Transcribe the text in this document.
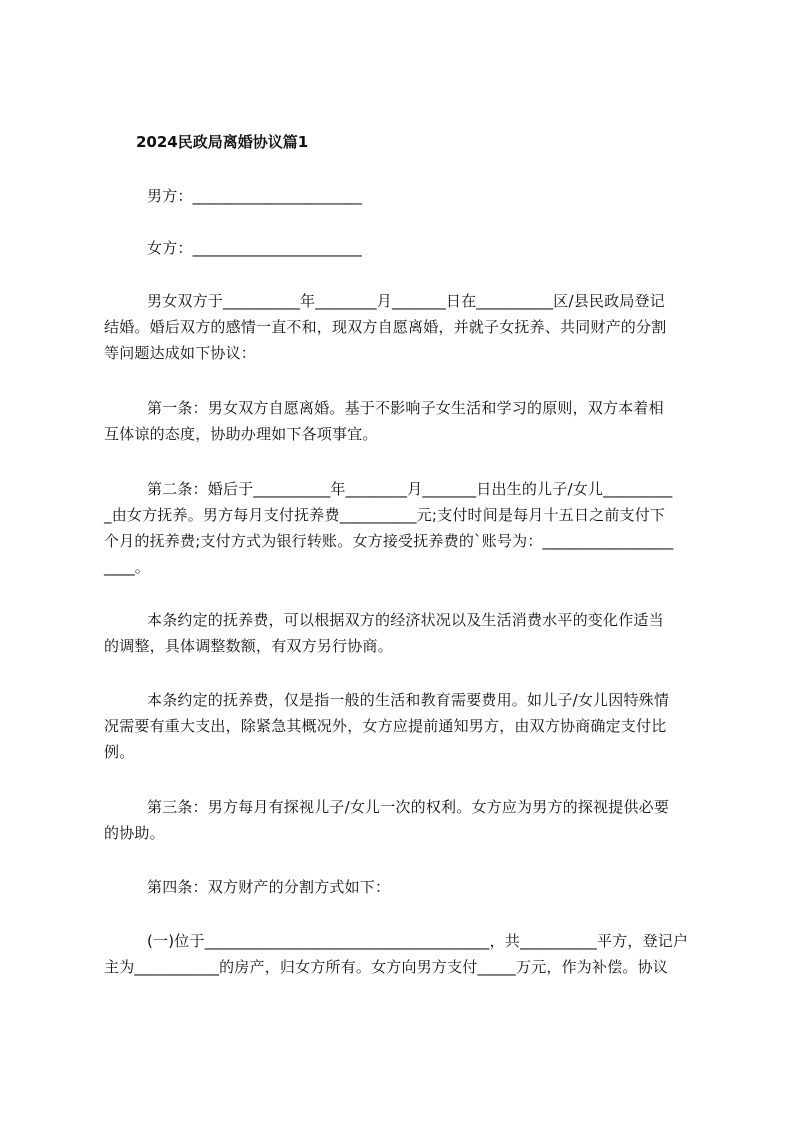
2024民政局离婚协议篇1
男方：______________________
女方：______________________
男女双方于__________年________月_______日在__________区/县民政局登记
结婚。婚后双方的感情一直不和，现双方自愿离婚，并就子女抚养、共同财产的分割
等问题达成如下协议：
第一条：男女双方自愿离婚。基于不影响子女生活和学习的原则，双方本着相
互体谅的态度，协助办理如下各项事宜。
第二条：婚后于__________年________月_______日出生的儿子/女儿_________
_由女方抚养。男方每月支付抚养费__________元;支付时间是每月十五日之前支付下
个月的抚养费;支付方式为银行转账。女方接受抚养费的`账号为：_________________
____。
本条约定的抚养费，可以根据双方的经济状况以及生活消费水平的变化作适当
的调整，具体调整数额，有双方另行协商。
本条约定的抚养费，仅是指一般的生活和教育需要费用。如儿子/女儿因特殊情
况需要有重大支出，除紧急其概况外，女方应提前通知男方，由双方协商确定支付比
例。
第三条：男方每月有探视儿子/女儿一次的权利。女方应为男方的探视提供必要
的协助。
第四条：双方财产的分割方式如下：
(一)位于_____________________________________，共__________平方，登记户
主为___________的房产，归女方所有。女方向男方支付_____万元，作为补偿。协议
